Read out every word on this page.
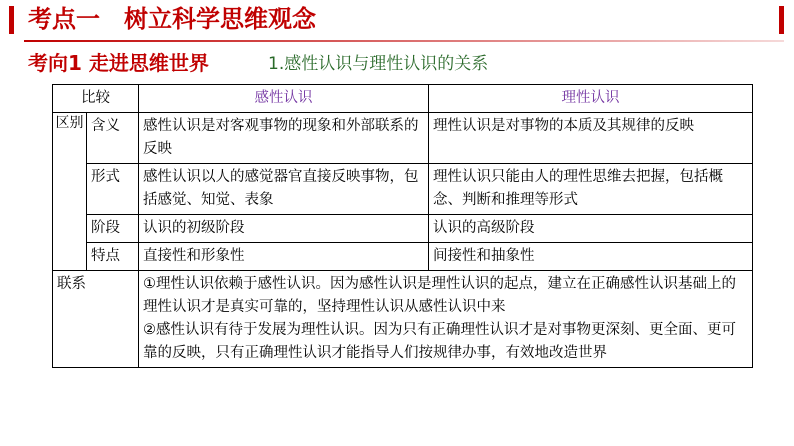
考点一　树立科学思维观念
考向1 走进思维世界	1.感性认识与理性认识的关系
比较		感性认识	理性认识
区别	含义	感性认识是对客观事物的现象和外部联系的反映	理性认识是对事物的本质及其规律的反映
	形式	感性认识以人的感觉器官直接反映事物，包括感觉、知觉、表象	理性认识只能由人的理性思维去把握，包括概念、判断和推理等形式
	阶段	认识的初级阶段	认识的高级阶段
	特点	直接性和形象性	间接性和抽象性
联系		①理性认识依赖于感性认识。因为感性认识是理性认识的起点，建立在正确感性认识基础上的理性认识才是真实可靠的，坚持理性认识从感性认识中来
②感性认识有待于发展为理性认识。因为只有正确理性认识才是对事物更深刻、更全面、更可靠的反映，只有正确理性认识才能指导人们按规律办事，有效地改造世界	
